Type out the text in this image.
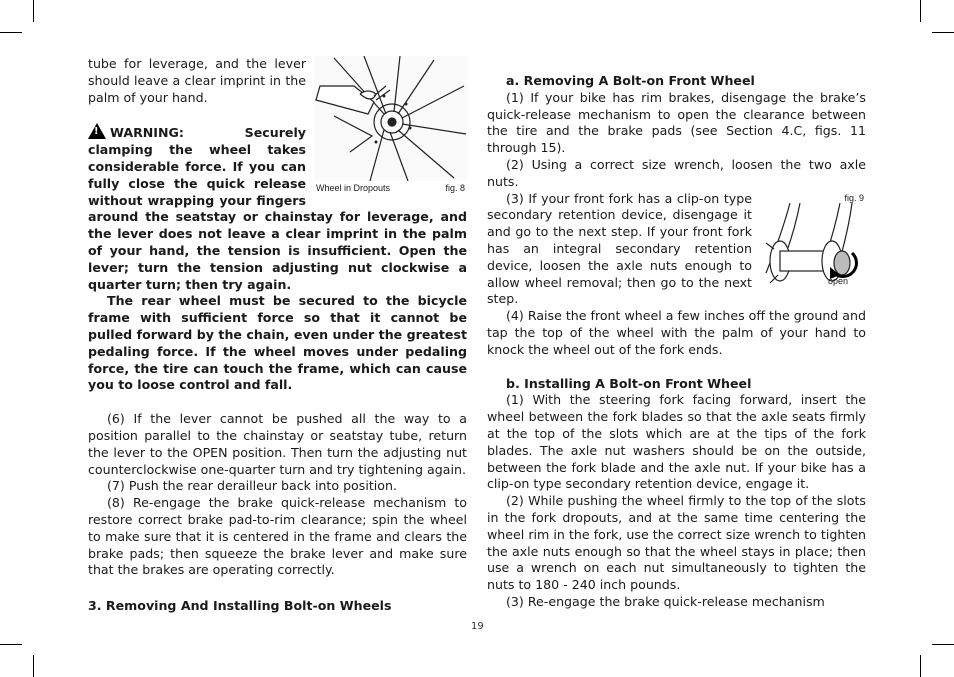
Wheel in Dropouts	fig. 8

tube for leverage, and the lever should leave a clear imprint in the palm of your hand.

!WARNING: Securely clamping the wheel takes considerable force. If you can fully close the quick release without wrapping your fingers around the seatstay or chainstay for leverage, and the lever does not leave a clear imprint in the palm of your hand, the tension is insufficient. Open the lever; turn the tension adjusting nut clockwise a quarter turn; then try again.

The rear wheel must be secured to the bicycle frame with sufficient force so that it cannot be pulled forward by the chain, even under the greatest pedaling force. If the wheel moves under pedaling force, the tire can touch the frame, which can cause you to loose control and fall.

(6) If the lever cannot be pushed all the way to a position parallel to the chainstay or seatstay tube, return the lever to the OPEN position. Then turn the adjusting nut counterclockwise one-quarter turn and try tightening again.

(7) Push the rear derailleur back into position.

(8) Re-engage the brake quick-release mechanism to restore correct brake pad-to-rim clearance; spin the wheel to make sure that it is centered in the frame and clears the brake pads; then squeeze the brake lever and make sure that the brakes are operating correctly.

3. Removing And Installing Bolt-on Wheels

a. Removing A Bolt-on Front Wheel

(1) If your bike has rim brakes, disengage the brake’s quick-release mechanism to open the clearance between the tire and the brake pads (see Section 4.C, figs. 11 through 15).

(2) Using a correct size wrench, loosen the two axle nuts.

fig. 9
open

(3) If your front fork has a clip-on type secondary retention device, disengage it and go to the next step. If your front fork has an integral secondary retention device, loosen the axle nuts enough to allow wheel removal; then go to the next step.

(4) Raise the front wheel a few inches off the ground and tap the top of the wheel with the palm of your hand to knock the wheel out of the fork ends.

b. Installing A Bolt-on Front Wheel

(1) With the steering fork facing forward, insert the wheel between the fork blades so that the axle seats firmly at the top of the slots which are at the tips of the fork blades. The axle nut washers should be on the outside, between the fork blade and the axle nut. If your bike has a clip-on type secondary retention device, engage it.

(2) While pushing the wheel firmly to the top of the slots in the fork dropouts, and at the same time centering the wheel rim in the fork, use the correct size wrench to tighten the axle nuts enough so that the wheel stays in place; then use a wrench on each nut simultaneously to tighten the nuts to 180 - 240 inch pounds.

(3) Re-engage the brake quick-release mechanism

19
